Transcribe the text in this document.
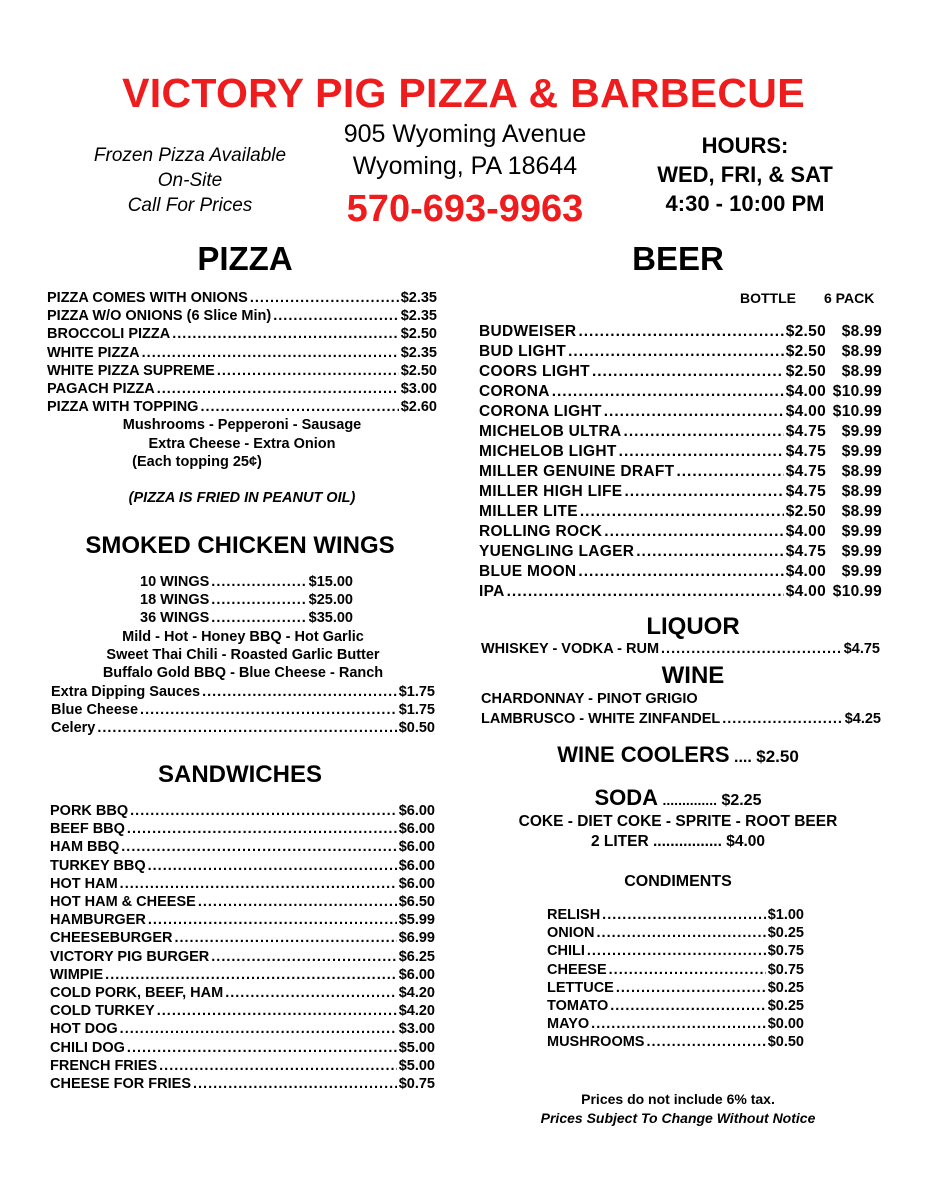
VICTORY PIG PIZZA & BARBECUE
Frozen Pizza Available
On-Site
Call For Prices
905 Wyoming Avenue
Wyoming, PA 18644
570-693-9963
HOURS:
WED, FRI, & SAT
4:30 - 10:00 PM
PIZZA
PIZZA COMES WITH ONIONS .....	$2.35
PIZZA W/O ONIONS (6 Slice Min) .....	$2.35
BROCCOLI PIZZA .....	$2.50
WHITE PIZZA .....	$2.35
WHITE PIZZA SUPREME .....	$2.50
PAGACH PIZZA .....	$3.00
PIZZA WITH TOPPING .....	$2.60
Mushrooms - Pepperoni - Sausage
Extra Cheese - Extra Onion
(Each topping 25¢)
(PIZZA IS FRIED IN PEANUT OIL)
SMOKED CHICKEN WINGS
10 WINGS .....	$15.00
18 WINGS .....	$25.00
36 WINGS .....	$35.00
Mild - Hot - Honey BBQ - Hot Garlic
Sweet Thai Chili - Roasted Garlic Butter
Buffalo Gold BBQ - Blue Cheese - Ranch
Extra Dipping Sauces .....	$1.75
Blue Cheese .....	$1.75
Celery .....	$0.50
SANDWICHES
PORK BBQ .....	$6.00
BEEF BBQ .....	$6.00
HAM BBQ .....	$6.00
TURKEY BBQ .....	$6.00
HOT HAM .....	$6.00
HOT HAM & CHEESE .....	$6.50
HAMBURGER .....	$5.99
CHEESEBURGER .....	$6.99
VICTORY PIG BURGER .....	$6.25
WIMPIE .....	$6.00
COLD PORK, BEEF, HAM .....	$4.20
COLD TURKEY .....	$4.20
HOT DOG .....	$3.00
CHILI DOG .....	$5.00
FRENCH FRIES .....	$5.00
CHEESE FOR FRIES .....	$0.75
BEER
BOTTLE 6 PACK
BUDWEISER .....	$2.50	$8.99
BUD LIGHT .....	$2.50	$8.99
COORS LIGHT .....	$2.50	$8.99
CORONA .....	$4.00 $10.99
CORONA LIGHT .....	$4.00 $10.99
MICHELOB ULTRA .....	$4.75	$9.99
MICHELOB LIGHT .....	$4.75	$9.99
MILLER GENUINE DRAFT .....	$4.75	$8.99
MILLER HIGH LIFE .....	$4.75	$8.99
MILLER LITE .....	$2.50	$8.99
ROLLING ROCK .....	$4.00	$9.99
YUENGLING LAGER .....	$4.75	$9.99
BLUE MOON .....	$4.00	$9.99
IPA .....	$4.00 $10.99
LIQUOR
WHISKEY - VODKA - RUM .....	$4.75
WINE
CHARDONNAY - PINOT GRIGIO
LAMBRUSCO - WHITE ZINFANDEL .....	$4.25
WINE COOLERS .... $2.50
SODA .............. $2.25
COKE - DIET COKE - SPRITE - ROOT BEER
2 LITER ................ $4.00
CONDIMENTS
RELISH .....	$1.00
ONION .....	$0.25
CHILI .....	$0.75
CHEESE .....	$0.75
LETTUCE .....	$0.25
TOMATO .....	$0.25
MAYO .....	$0.00
MUSHROOMS .....	$0.50
Prices do not include 6% tax.
Prices Subject To Change Without Notice
